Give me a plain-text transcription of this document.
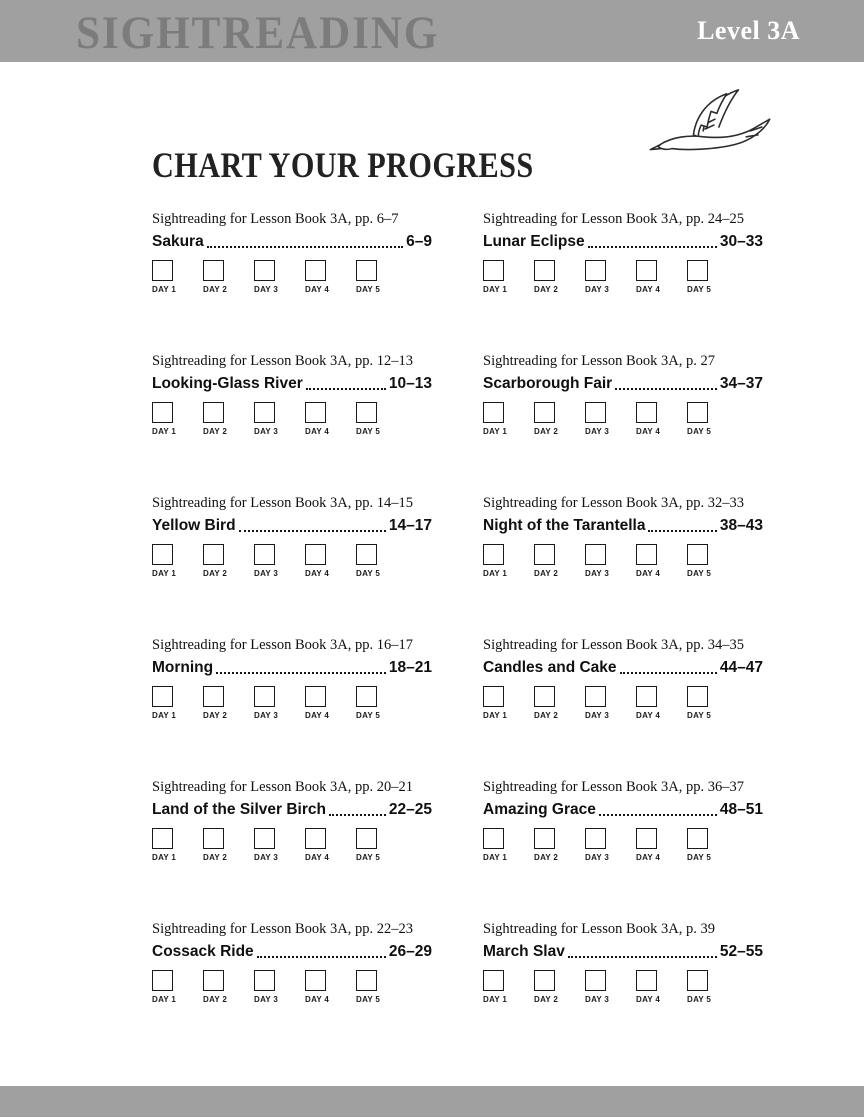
SIGHTREADING	Level 3A
CHART YOUR PROGRESS
Sightreading for Lesson Book 3A, pp. 6–7
Sakura	6–9
DAY 1	DAY 2	DAY 3	DAY 4	DAY 5
Sightreading for Lesson Book 3A, pp. 12–13
Looking-Glass River	10–13
DAY 1	DAY 2	DAY 3	DAY 4	DAY 5
Sightreading for Lesson Book 3A, pp. 14–15
Yellow Bird	14–17
DAY 1	DAY 2	DAY 3	DAY 4	DAY 5
Sightreading for Lesson Book 3A, pp. 16–17
Morning	18–21
DAY 1	DAY 2	DAY 3	DAY 4	DAY 5
Sightreading for Lesson Book 3A, pp. 20–21
Land of the Silver Birch	22–25
DAY 1	DAY 2	DAY 3	DAY 4	DAY 5
Sightreading for Lesson Book 3A, pp. 22–23
Cossack Ride	26–29
DAY 1	DAY 2	DAY 3	DAY 4	DAY 5
Sightreading for Lesson Book 3A, pp. 24–25
Lunar Eclipse	30–33
DAY 1	DAY 2	DAY 3	DAY 4	DAY 5
Sightreading for Lesson Book 3A, p. 27
Scarborough Fair	34–37
DAY 1	DAY 2	DAY 3	DAY 4	DAY 5
Sightreading for Lesson Book 3A, pp. 32–33
Night of the Tarantella	38–43
DAY 1	DAY 2	DAY 3	DAY 4	DAY 5
Sightreading for Lesson Book 3A, pp. 34–35
Candles and Cake	44–47
DAY 1	DAY 2	DAY 3	DAY 4	DAY 5
Sightreading for Lesson Book 3A, pp. 36–37
Amazing Grace	48–51
DAY 1	DAY 2	DAY 3	DAY 4	DAY 5
Sightreading for Lesson Book 3A, p. 39
March Slav	52–55
DAY 1	DAY 2	DAY 3	DAY 4	DAY 5
